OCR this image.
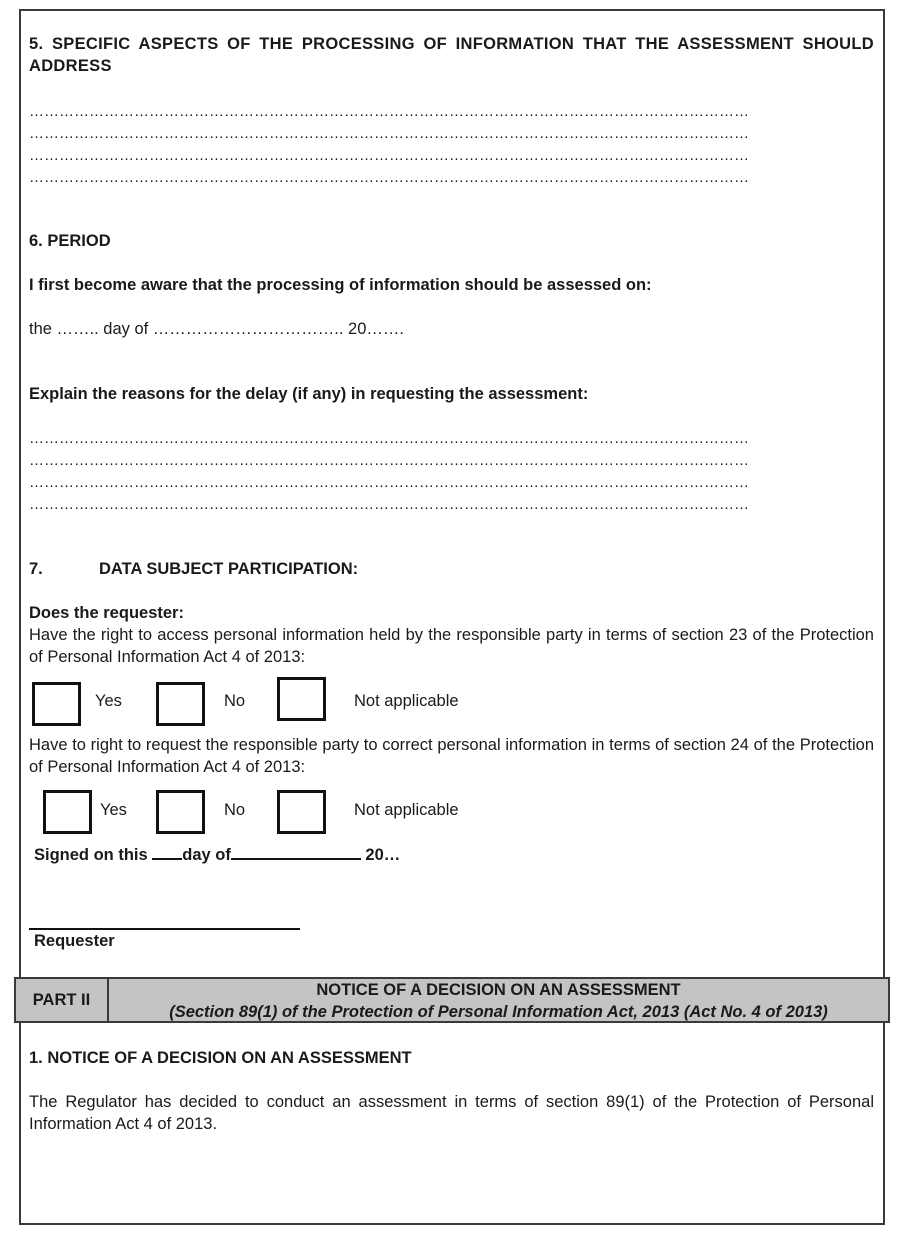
5. SPECIFIC ASPECTS OF THE PROCESSING OF INFORMATION THAT THE ASSESSMENT SHOULD ADDRESS
………………………………………………………………………………………………………………………………
………………………………………………………………………………………………………………………………
………………………………………………………………………………………………………………………………
………………………………………………………………………………………………………………………………
6. PERIOD
I first become aware that the processing of information should be assessed on:
the …….. day of …………………………….. 20…….
Explain the reasons for the delay (if any) in requesting the assessment:
………………………………………………………………………………………………………………………………
………………………………………………………………………………………………………………………………
………………………………………………………………………………………………………………………………
………………………………………………………………………………………………………………………………
7.	DATA SUBJECT PARTICIPATION:
Does the requester:
Have the right to access personal information held by the responsible party in terms of section 23 of the Protection of Personal Information Act 4 of 2013:
Yes	No	Not applicable
Have to right to request the responsible party to correct personal information in terms of section 24 of the Protection of Personal Information Act 4 of 2013:
Yes	No	Not applicable
Signed on this day of	20…
Requester
PART II
NOTICE OF A DECISION ON AN ASSESSMENT
(Section 89(1) of the Protection of Personal Information Act, 2013 (Act No. 4 of 2013)
1. NOTICE OF A DECISION ON AN ASSESSMENT
The Regulator has decided to conduct an assessment in terms of section 89(1) of the Protection of Personal Information Act 4 of 2013.
